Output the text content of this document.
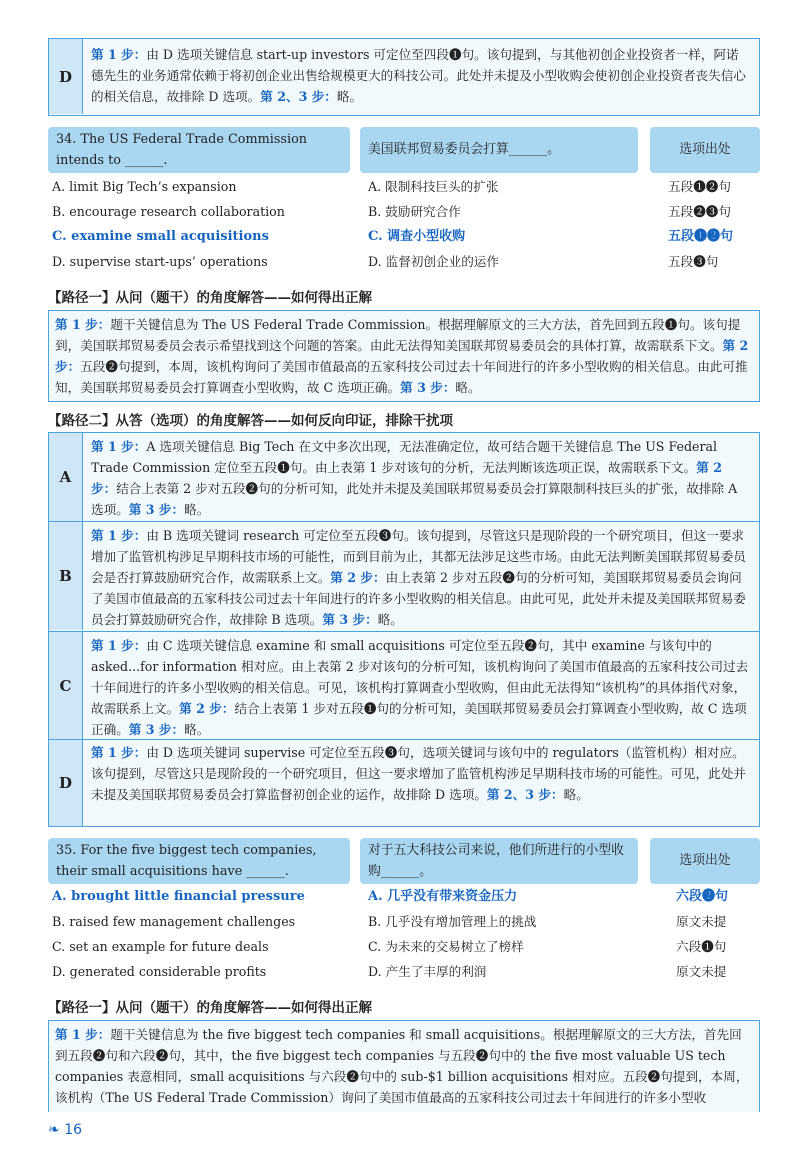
D
第 1 步：由 D 选项关键信息 start-up investors 可定位至四段❶句。该句提到，与其他初创企业投资者一样，阿诺德先生的业务通常依赖于将初创企业出售给规模更大的科技公司。此处并未提及小型收购会使初创企业投资者丧失信心的相关信息，故排除 D 选项。第 2、3 步：略。
34. The US Federal Trade Commission intends to ______.
美国联邦贸易委员会打算______。	选项出处
A. limit Big Tech’s expansion	A. 限制科技巨头的扩张	五段❶❷句
B. encourage research collaboration	B. 鼓励研究合作	五段❷❸句
C. examine small acquisitions	C. 调查小型收购	五段❶❷句
D. supervise start-ups’ operations	D. 监督初创企业的运作	五段❸句
【路径一】从问（题干）的角度解答——如何得出正解
第 1 步：题干关键信息为 The US Federal Trade Commission。根据理解原文的三大方法，首先回到五段❶句。该句提到，美国联邦贸易委员会表示希望找到这个问题的答案。由此无法得知美国联邦贸易委员会的具体打算，故需联系下文。第 2 步：五段❷句提到，本周，该机构询问了美国市值最高的五家科技公司过去十年间进行的许多小型收购的相关信息。由此可推知，美国联邦贸易委员会打算调查小型收购，故 C 选项正确。第 3 步：略。
【路径二】从答（选项）的角度解答——如何反向印证，排除干扰项
A
第 1 步：A 选项关键信息 Big Tech 在文中多次出现，无法准确定位，故可结合题干关键信息 The US Federal Trade Commission 定位至五段❶句。由上表第 1 步对该句的分析，无法判断该选项正误，故需联系下文。第 2 步：结合上表第 2 步对五段❷句的分析可知，此处并未提及美国联邦贸易委员会打算限制科技巨头的扩张，故排除 A 选项。第 3 步：略。
B
第 1 步：由 B 选项关键词 research 可定位至五段❸句。该句提到，尽管这只是现阶段的一个研究项目，但这一要求增加了监管机构涉足早期科技市场的可能性，而到目前为止，其都无法涉足这些市场。由此无法判断美国联邦贸易委员会是否打算鼓励研究合作，故需联系上文。第 2 步：由上表第 2 步对五段❷句的分析可知，美国联邦贸易委员会询问了美国市值最高的五家科技公司过去十年间进行的许多小型收购的相关信息。由此可见，此处并未提及美国联邦贸易委员会打算鼓励研究合作，故排除 B 选项。第 3 步：略。
C
第 1 步：由 C 选项关键信息 examine 和 small acquisitions 可定位至五段❷句，其中 examine 与该句中的 asked...for information 相对应。由上表第 2 步对该句的分析可知，该机构询问了美国市值最高的五家科技公司过去十年间进行的许多小型收购的相关信息。可见，该机构打算调查小型收购，但由此无法得知“该机构”的具体指代对象，故需联系上文。第 2 步：结合上表第 1 步对五段❶句的分析可知，美国联邦贸易委员会打算调查小型收购，故 C 选项正确。第 3 步：略。
D
第 1 步：由 D 选项关键词 supervise 可定位至五段❸句，选项关键词与该句中的 regulators（监管机构）相对应。该句提到，尽管这只是现阶段的一个研究项目，但这一要求增加了监管机构涉足早期科技市场的可能性。可见，此处并未提及美国联邦贸易委员会打算监督初创企业的运作，故排除 D 选项。第 2、3 步：略。
35. For the five biggest tech companies, their small acquisitions have ______.
对于五大科技公司来说，他们所进行的小型收购______。
选项出处
A. brought little financial pressure	A. 几乎没有带来资金压力	六段❷句
B. raised few management challenges	B. 几乎没有增加管理上的挑战	原文未提
C. set an example for future deals	C. 为未来的交易树立了榜样	六段❶句
D. generated considerable profits	D. 产生了丰厚的利润	原文未提
【路径一】从问（题干）的角度解答——如何得出正解
第 1 步：题干关键信息为 the five biggest tech companies 和 small acquisitions。根据理解原文的三大方法，首先回到五段❷句和六段❷句，其中，the five biggest tech companies 与五段❷句中的 the five most valuable US tech companies 表意相同，small acquisitions 与六段❷句中的 sub-$1 billion acquisitions 相对应。五段❷句提到，本周，该机构（The US Federal Trade Commission）询问了美国市值最高的五家科技公司过去十年间进行的许多小型收
❧ 16
